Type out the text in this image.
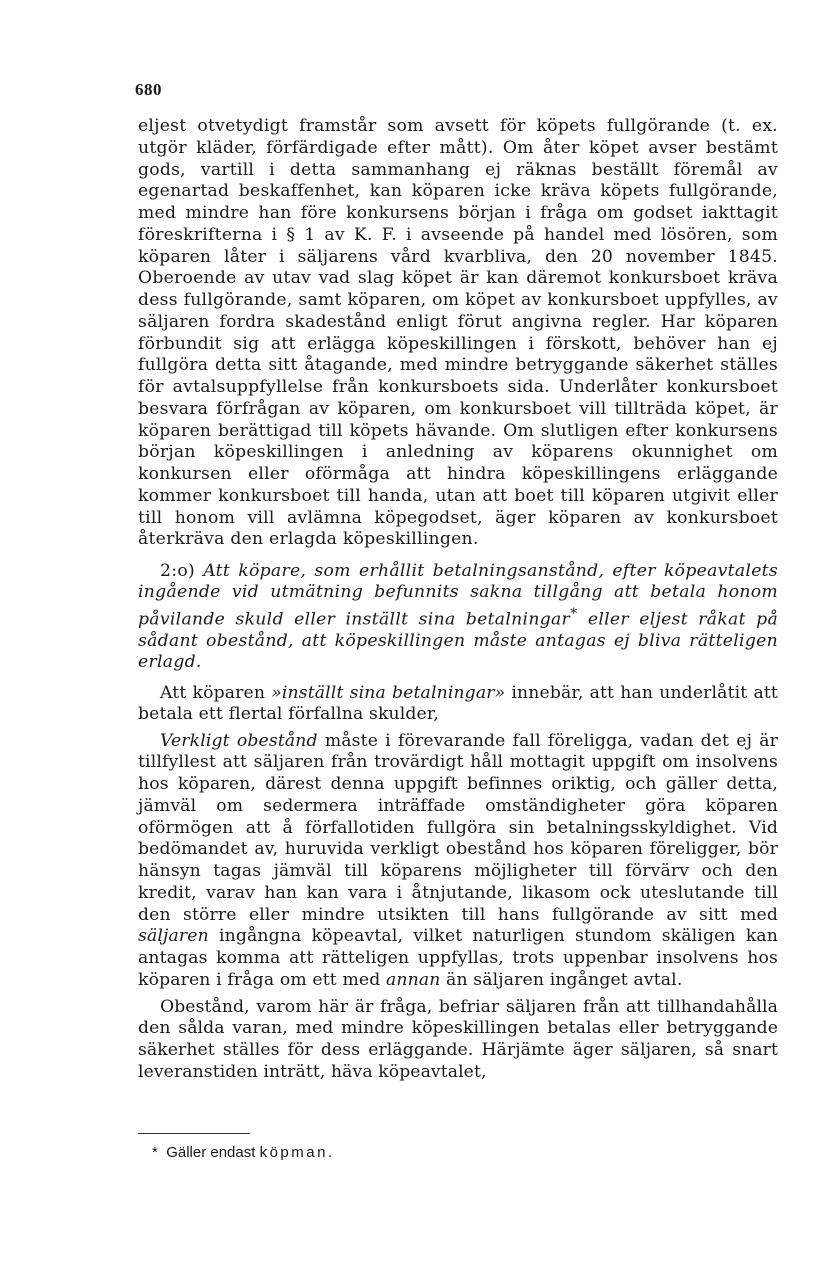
680

eljest otvetydigt framstår som avsett för köpets fullgörande (t. ex. utgör kläder, förfärdigade efter mått). Om åter köpet avser bestämt gods, vartill i detta sammanhang ej räknas beställt föremål av egenartad beskaffenhet, kan köparen icke kräva köpets fullgörande, med mindre han före konkursens början i fråga om godset iakttagit föreskrifterna i § 1 av K. F. i avseende på handel med lösören, som köparen låter i säljarens vård kvarbliva, den 20 november 1845. Oberoende av utav vad slag köpet är kan däremot konkursboet kräva dess fullgörande, samt köparen, om köpet av konkursboet uppfylles, av säljaren fordra skadestånd enligt förut angivna regler. Har köparen förbundit sig att erlägga köpeskillingen i förskott, behöver han ej fullgöra detta sitt åtagande, med mindre betryggande säkerhet ställes för avtalsuppfyllelse från konkursboets sida. Underlåter konkursboet besvara förfrågan av köparen, om konkursboet vill tillträda köpet, är köparen berättigad till köpets hävande. Om slutligen efter konkursens början köpeskillingen i anledning av köparens okunnighet om konkursen eller oförmåga att hindra köpeskillingens erläggande kommer konkursboet till handa, utan att boet till köparen utgivit eller till honom vill avlämna köpegodset, äger köparen av konkursboet återkräva den erlagda köpeskillingen.

2:o) Att köpare, som erhållit betalningsanstånd, efter köpeavtalets ingående vid utmätning befunnits sakna tillgång att betala honom påvilande skuld eller inställt sina betalningar* eller eljest råkat på sådant obestånd, att köpeskillingen måste antagas ej bliva rätteligen erlagd.

Att köparen »inställt sina betalningar» innebär, att han underlåtit att betala ett flertal förfallna skulder,

Verkligt obestånd måste i förevarande fall föreligga, vadan det ej är tillfyllest att säljaren från trovärdigt håll mottagit uppgift om insolvens hos köparen, därest denna uppgift befinnes oriktig, och gäller detta, jämväl om sedermera inträffade omständigheter göra köparen oförmögen att å förfallotiden fullgöra sin betalningsskyldighet. Vid bedömandet av, huruvida verkligt obestånd hos köparen föreligger, bör hänsyn tagas jämväl till köparens möjligheter till förvärv och den kredit, varav han kan vara i åtnjutande, likasom ock uteslutande till den större eller mindre utsikten till hans fullgörande av sitt med säljaren ingångna köpeavtal, vilket naturligen stundom skäligen kan antagas komma att rätteligen uppfyllas, trots uppenbar insolvens hos köparen i fråga om ett med annan än säljaren ingånget avtal.

Obestånd, varom här är fråga, befriar säljaren från att tillhandahålla den sålda varan, med mindre köpeskillingen betalas eller betryggande säkerhet ställes för dess erläggande. Härjämte äger säljaren, så snart leveranstiden inträtt, häva köpeavtalet,

* Gäller endast köpman.
